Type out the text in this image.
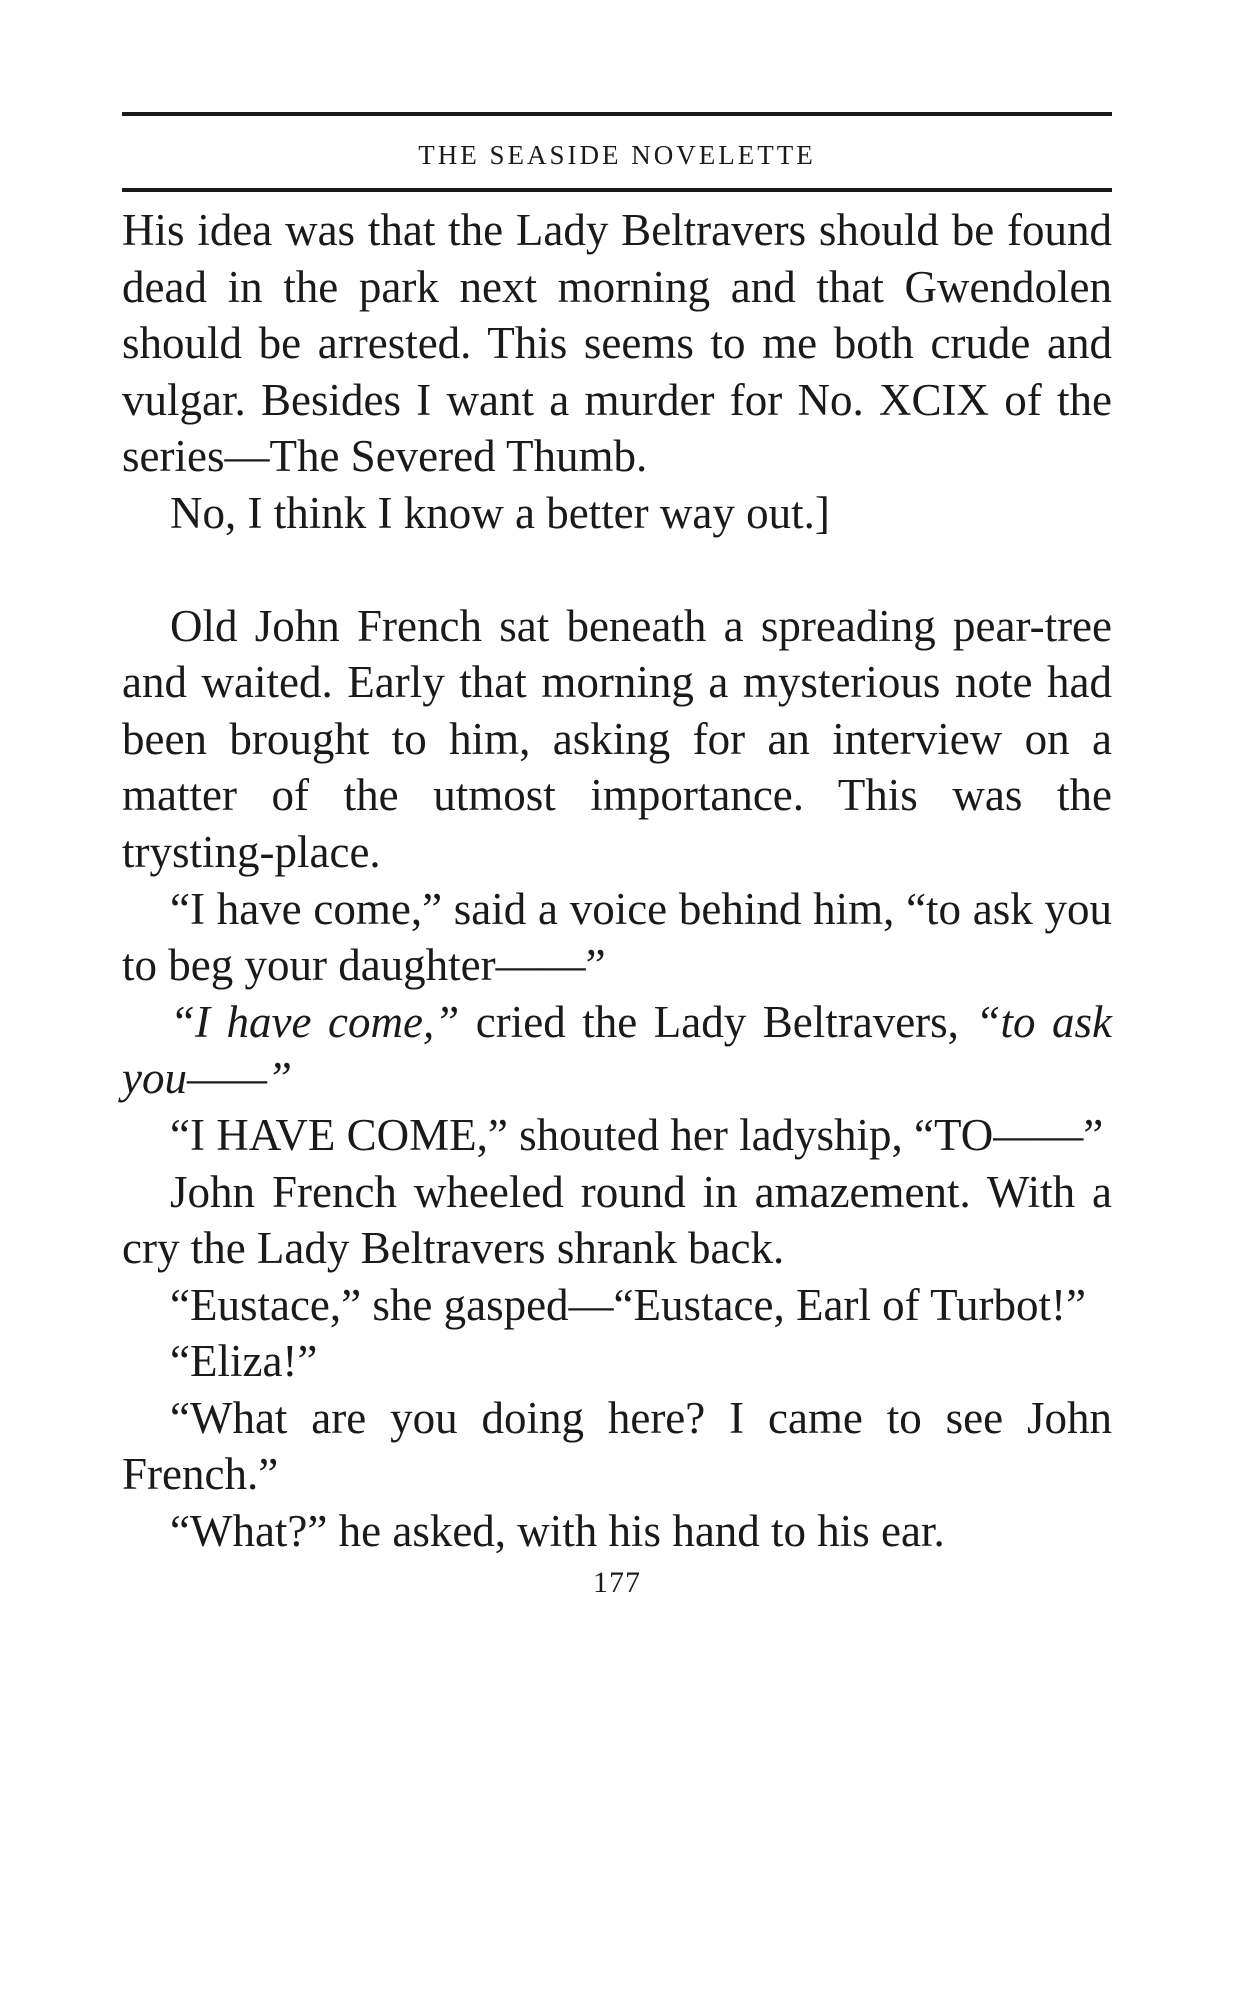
THE SEASIDE NOVELETTE

His idea was that the Lady Beltravers should be found dead in the park next morning and that Gwendolen should be arrested. This seems to me both crude and vulgar. Besides I want a murder for No. XCIX of the series—The Severed Thumb.

No, I think I know a better way out.]

Old John French sat beneath a spreading pear-tree and waited. Early that morning a mysterious note had been brought to him, asking for an interview on a matter of the utmost importance. This was the trysting-place.

“I have come,” said a voice behind him, “to ask you to beg your daughter——”

“I have come,” cried the Lady Beltravers, “to ask you——”

“I HAVE COME,” shouted her ladyship, “TO——”

John French wheeled round in amazement. With a cry the Lady Beltravers shrank back.

“Eustace,” she gasped—“Eustace, Earl of Turbot!”

“Eliza!”

“What are you doing here? I came to see John French.”

“What?” he asked, with his hand to his ear.

177
